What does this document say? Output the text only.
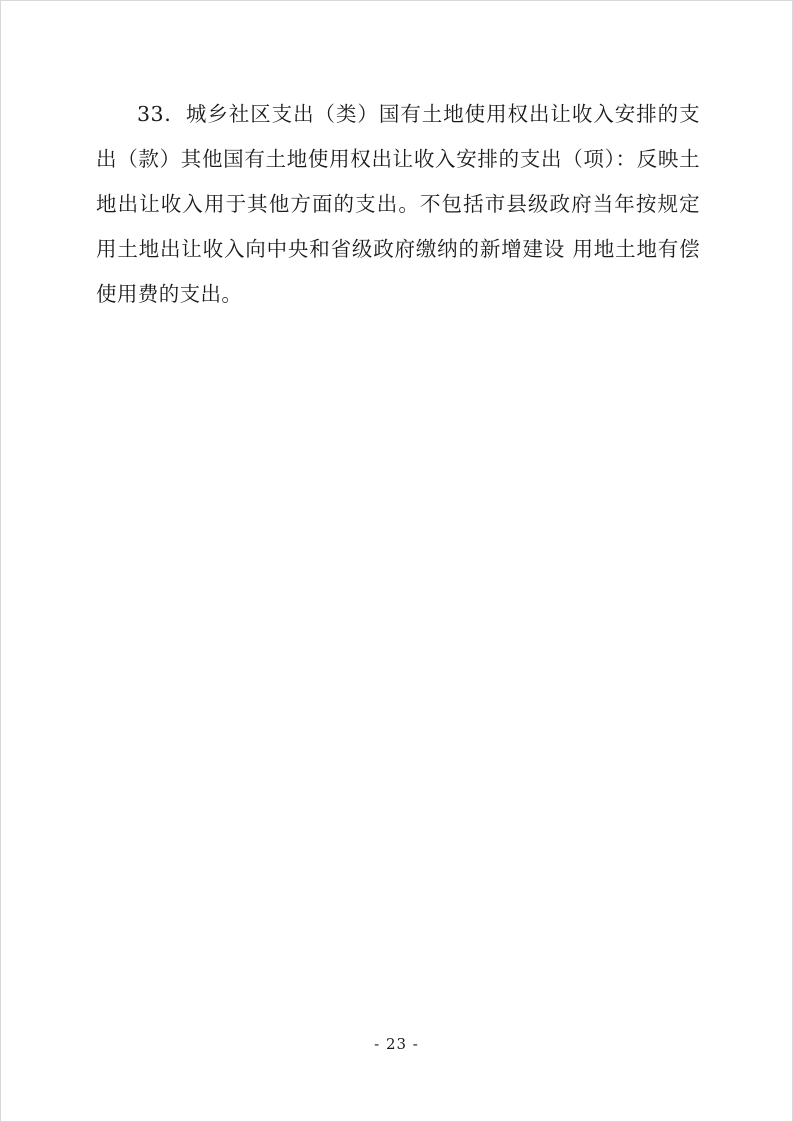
33．城乡社区支出（类）国有土地使用权出让收入安排的支出（款）其他国有土地使用权出让收入安排的支出（项）：反映土地出让收入用于其他方面的支出。不包括市县级政府当年按规定用土地出让收入向中央和省级政府缴纳的新增建设 用地土地有偿使用费的支出。

- 23 -
